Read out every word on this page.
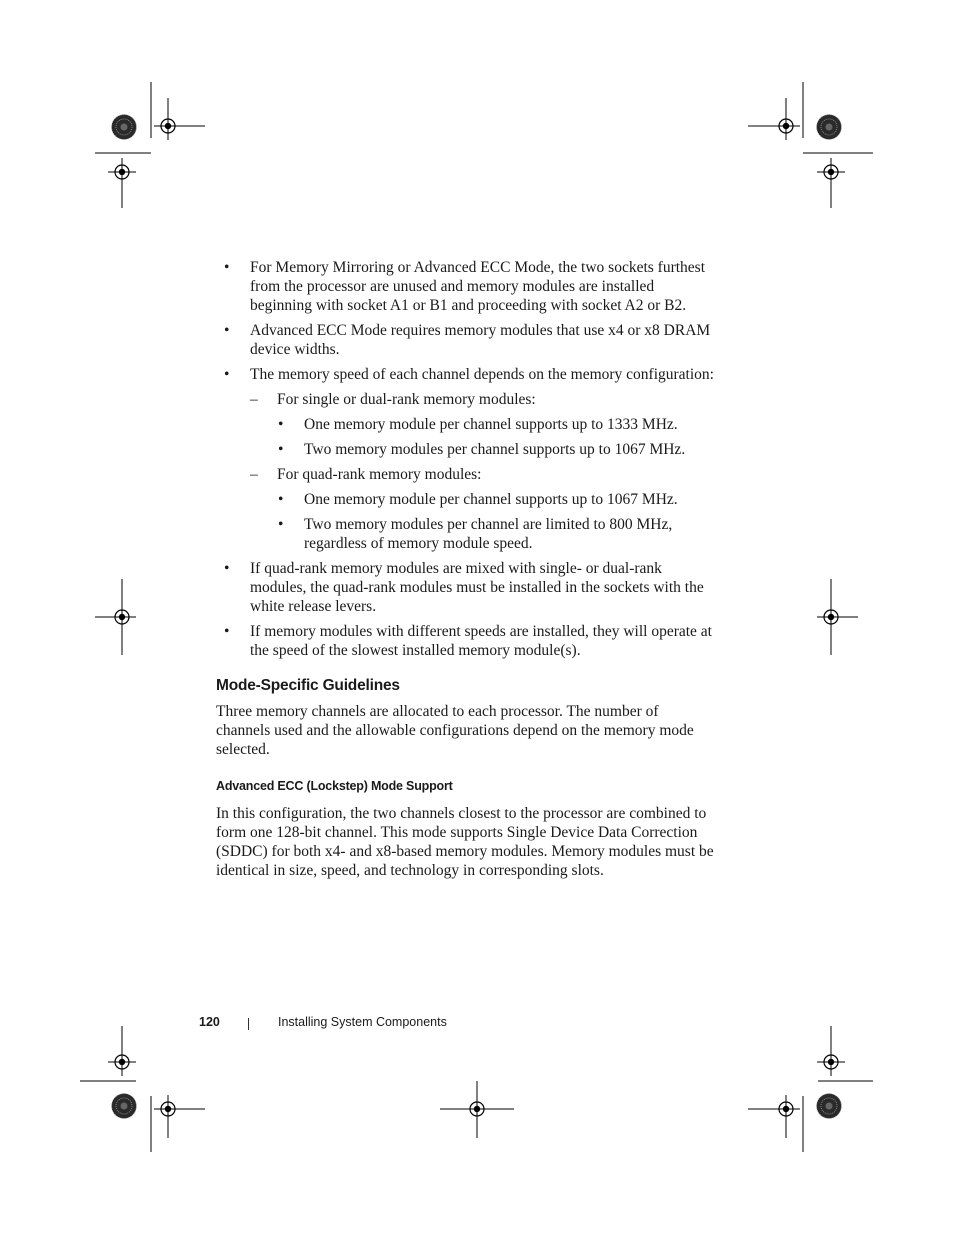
• For Memory Mirroring or Advanced ECC Mode, the two sockets furthest from the processor are unused and memory modules are installed beginning with socket A1 or B1 and proceeding with socket A2 or B2.
• Advanced ECC Mode requires memory modules that use x4 or x8 DRAM device widths.
• The memory speed of each channel depends on the memory configuration:
– For single or dual-rank memory modules:
• One memory module per channel supports up to 1333 MHz.
• Two memory modules per channel supports up to 1067 MHz.
– For quad-rank memory modules:
• One memory module per channel supports up to 1067 MHz.
• Two memory modules per channel are limited to 800 MHz, regardless of memory module speed.
• If quad-rank memory modules are mixed with single- or dual-rank modules, the quad-rank modules must be installed in the sockets with the white release levers.
• If memory modules with different speeds are installed, they will operate at the speed of the slowest installed memory module(s).
Mode-Specific Guidelines

Three memory channels are allocated to each processor. The number of channels used and the allowable configurations depend on the memory mode selected.

Advanced ECC (Lockstep) Mode Support

In this configuration, the two channels closest to the processor are combined to form one 128-bit channel. This mode supports Single Device Data Correction (SDDC) for both x4- and x8-based memory modules. Memory modules must be identical in size, speed, and technology in corresponding slots.

120	Installing System Components
